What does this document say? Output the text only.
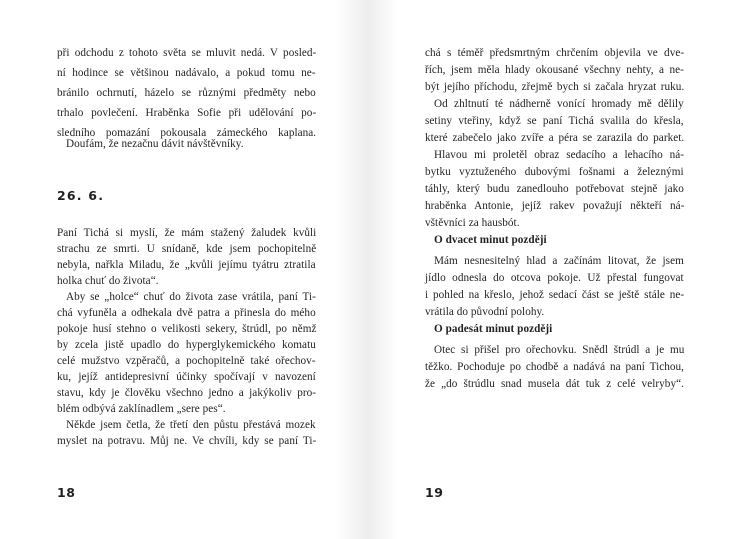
při odchodu z tohoto světa se mluvit nedá. V posled-
ní hodince se většinou nadávalo, a pokud tomu ne-
bránilo ochrnutí, házelo se různými předměty nebo
trhalo povlečení. Hraběnka Sofie při udělování po-
sledního pomazání pokousala zámeckého kaplana.
Doufám, že nezačnu dávit návštěvníky.
26. 6.
Paní Tichá si myslí, že mám stažený žaludek kvůli
strachu ze smrti. U snídaně, kde jsem pochopitelně
nebyla, nařkla Miladu, že „kvůli jejímu tyátru ztratila
holka chuť do života“.
Aby se „holce“ chuť do života zase vrátila, paní Ti-
chá vyfuněla a odhekala dvě patra a přinesla do mého
pokoje husí stehno o velikosti sekery, štrúdl, po němž
by zcela jistě upadlo do hyperglykemického komatu
celé mužstvo vzpěračů, a pochopitelně také ořechov-
ku, jejíž antidepresivní účinky spočívají v navození
stavu, kdy je člověku všechno jedno a jakýkoliv pro-
blém odbývá zaklínadlem „sere pes“.
Někde jsem četla, že třetí den půstu přestává mozek
myslet na potravu. Můj ne. Ve chvíli, kdy se paní Ti-
18
chá s téměř předsmrtným chrčením objevila ve dve-
řích, jsem měla hlady okousané všechny nehty, a ne-
být jejího příchodu, zřejmě bych si začala hryzat ruku.
Od zhltnutí té nádherně vonící hromady mě dělily
setiny vteřiny, když se paní Tichá svalila do křesla,
které zabečelo jako zvíře a péra se zarazila do parket.
Hlavou mi proletěl obraz sedacího a lehacího ná-
bytku vyztuženého dubovými fošnami a železnými
táhly, který budu zanedlouho potřebovat stejně jako
hraběnka Antonie, jejíž rakev považují někteří ná-
vštěvníci za hausbót.
O dvacet minut později
Mám nesnesitelný hlad a začínám litovat, že jsem
jídlo odnesla do otcova pokoje. Už přestal fungovat
i pohled na křeslo, jehož sedací část se ještě stále ne-
vrátila do původní polohy.
O padesát minut později
Otec si přišel pro ořechovku. Snědl štrúdl a je mu
těžko. Pochoduje po chodbě a nadává na paní Tichou,
že „do štrúdlu snad musela dát tuk z celé velryby“.
19
